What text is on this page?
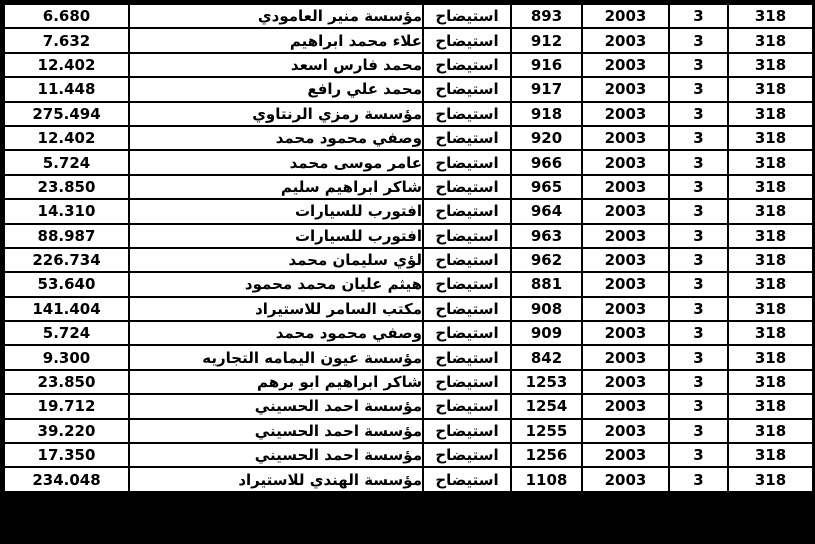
6.680	مؤسسة منير العامودي	استيضاح	893	2003	3	318
7.632	علاء محمد ابراهيم	استيضاح	912	2003	3	318
12.402	محمد فارس اسعد	استيضاح	916	2003	3	318
11.448	محمد علي رافع	استيضاح	917	2003	3	318
275.494	مؤسسة رمزي الرنتاوي	استيضاح	918	2003	3	318
12.402	وصفي محمود محمد	استيضاح	920	2003	3	318
5.724	عامر موسى محمد	استيضاح	966	2003	3	318
23.850	شاكر ابراهيم سليم	استيضاح	965	2003	3	318
14.310	افتورب للسيارات	استيضاح	964	2003	3	318
88.987	افتورب للسيارات	استيضاح	963	2003	3	318
226.734	لؤي سليمان محمد	استيضاح	962	2003	3	318
53.640	هيثم عليان محمد محمود	استيضاح	881	2003	3	318
141.404	مكتب السامر للاستيراد	استيضاح	908	2003	3	318
5.724	وصفي محمود محمد	استيضاح	909	2003	3	318
9.300	مؤسسة عيون اليمامه التجاريه	استيضاح	842	2003	3	318
23.850	شاكر ابراهيم ابو برهم	استيضاح	1253	2003	3	318
19.712	مؤسسة احمد الحسيني	استيضاح	1254	2003	3	318
39.220	مؤسسة احمد الحسيني	استيضاح	1255	2003	3	318
17.350	مؤسسة احمد الحسيني	استيضاح	1256	2003	3	318
234.048	مؤسسة الهندي للاستيراد	استيضاح	1108	2003	3	318
